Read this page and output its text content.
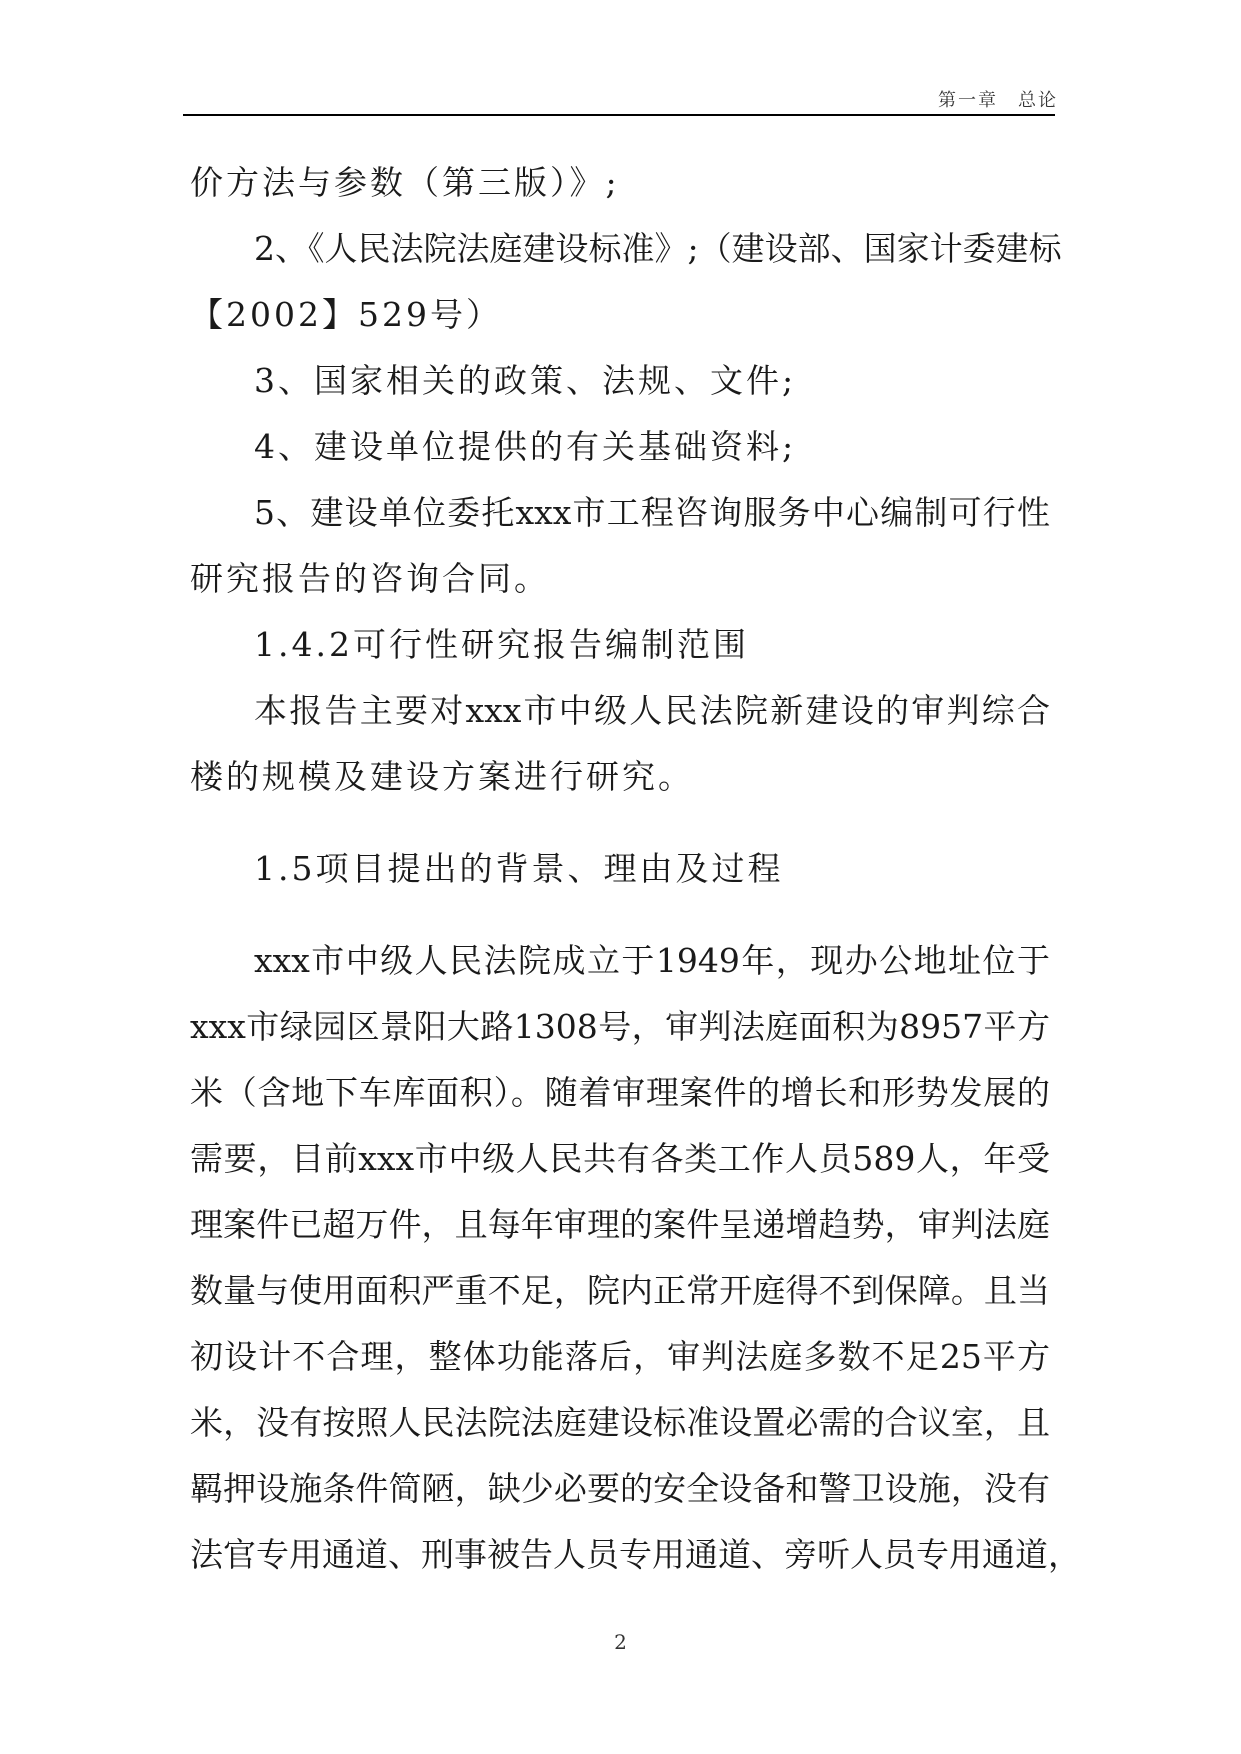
第一章　总论
价方法与参数（第三版）》;
2、《人民法院法庭建设标准》;（建设部、国家计委建标
【2002】529号）
3、国家相关的政策、法规、文件;
4、建设单位提供的有关基础资料;
5、建设单位委托xxx市工程咨询服务中心编制可行性
研究报告的咨询合同。
1.4.2可行性研究报告编制范围
本报告主要对xxx市中级人民法院新建设的审判综合
楼的规模及建设方案进行研究。
1.5项目提出的背景、理由及过程
xxx市中级人民法院成立于1949年，现办公地址位于
xxx市绿园区景阳大路1308号，审判法庭面积为8957平方
米（含地下车库面积）。随着审理案件的增长和形势发展的
需要，目前xxx市中级人民共有各类工作人员589人，年受
理案件已超万件，且每年审理的案件呈递增趋势，审判法庭
数量与使用面积严重不足，院内正常开庭得不到保障。且当
初设计不合理，整体功能落后，审判法庭多数不足25平方
米，没有按照人民法院法庭建设标准设置必需的合议室，且
羁押设施条件简陋，缺少必要的安全设备和警卫设施，没有
法官专用通道、刑事被告人员专用通道、旁听人员专用通道，
2
